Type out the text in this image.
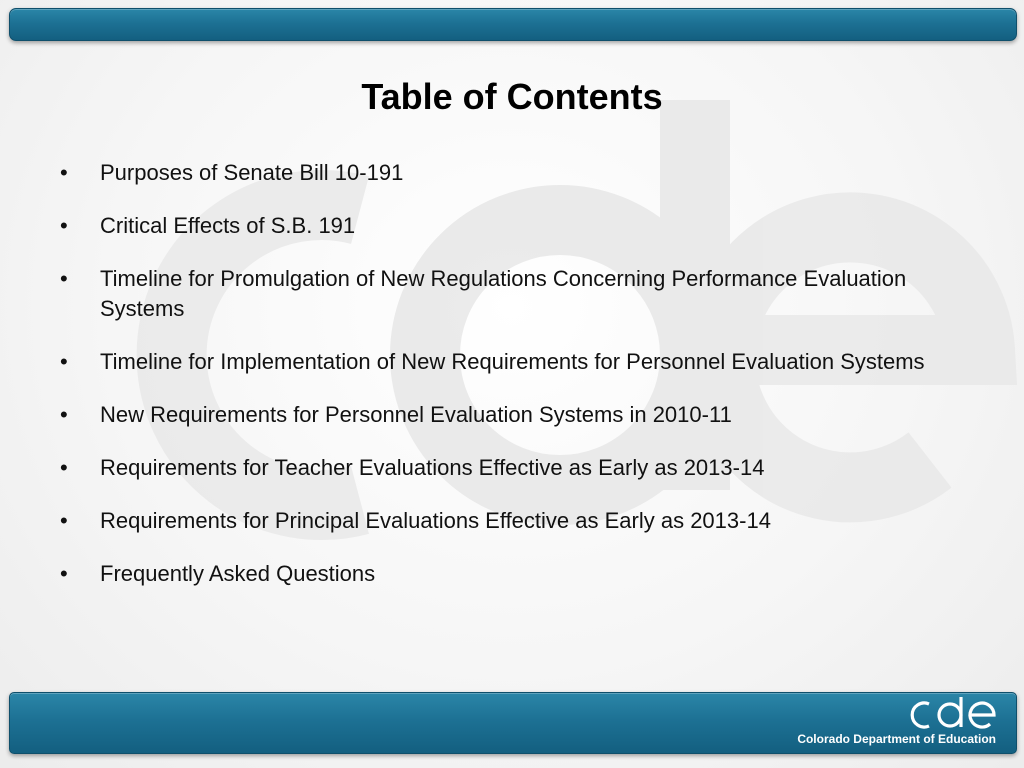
Table of Contents
•	Purposes of Senate Bill 10-191
•	Critical Effects of S.B. 191
•	Timeline for Promulgation of New Regulations Concerning Performance Evaluation Systems
•	Timeline for Implementation of New Requirements for Personnel Evaluation Systems
•	New Requirements for Personnel Evaluation Systems in 2010-11
•	Requirements for Teacher Evaluations Effective as Early as 2013-14
•	Requirements for Principal Evaluations Effective as Early as 2013-14
•	Frequently Asked Questions
Colorado Department of Education
